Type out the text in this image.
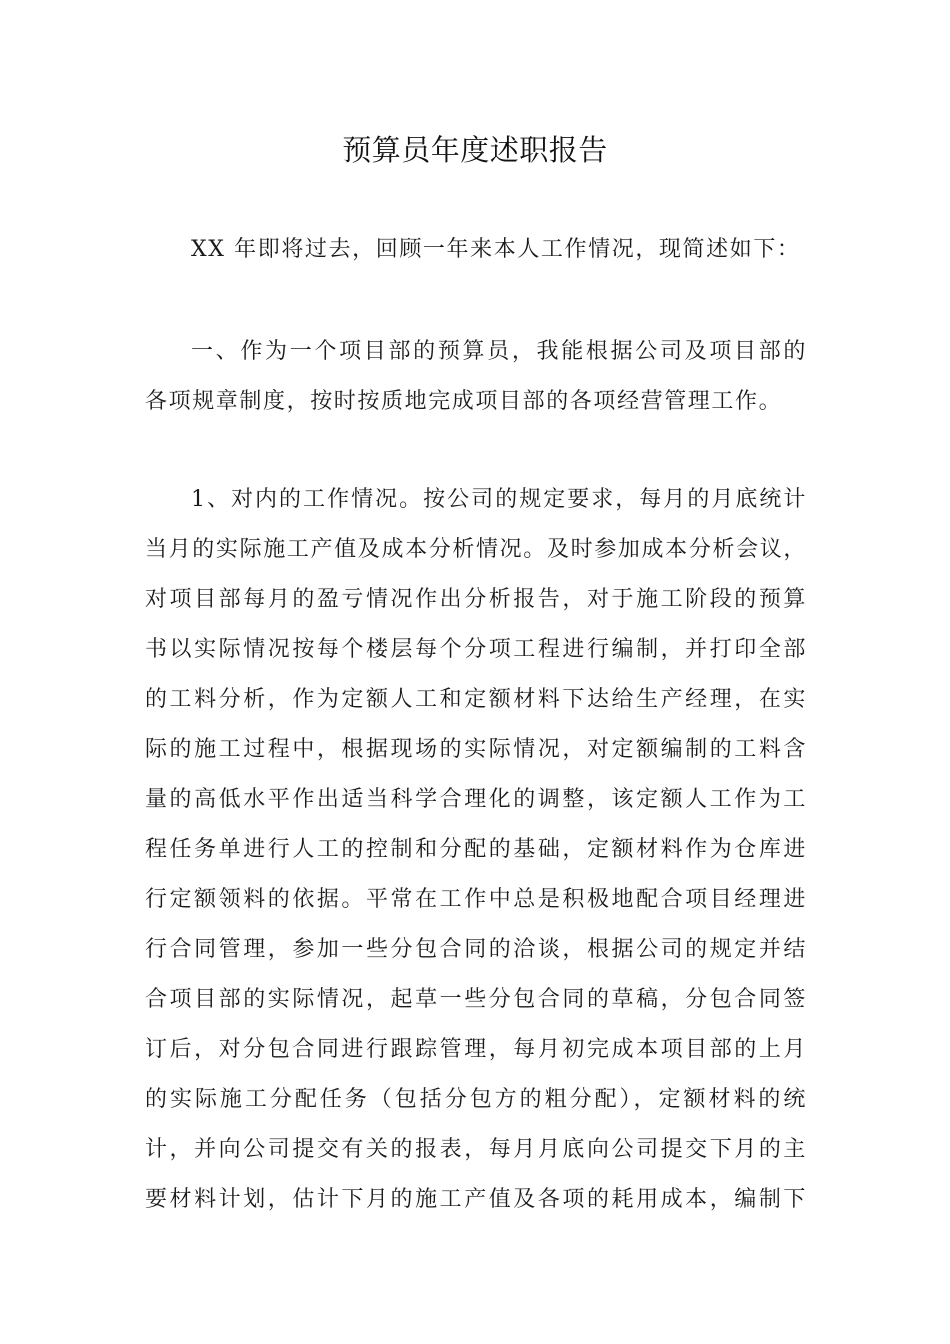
预算员年度述职报告

XX 年即将过去，回顾一年来本人工作情况，现简述如下：

一、作为一个项目部的预算员，我能根据公司及项目部的
各项规章制度，按时按质地完成项目部的各项经营管理工作。

1、对内的工作情况。按公司的规定要求，每月的月底统计
当月的实际施工产值及成本分析情况。及时参加成本分析会议，
对项目部每月的盈亏情况作出分析报告，对于施工阶段的预算
书以实际情况按每个楼层每个分项工程进行编制，并打印全部
的工料分析，作为定额人工和定额材料下达给生产经理，在实
际的施工过程中，根据现场的实际情况，对定额编制的工料含
量的高低水平作出适当科学合理化的调整，该定额人工作为工
程任务单进行人工的控制和分配的基础，定额材料作为仓库进
行定额领料的依据。平常在工作中总是积极地配合项目经理进
行合同管理，参加一些分包合同的洽谈，根据公司的规定并结
合项目部的实际情况，起草一些分包合同的草稿，分包合同签
订后，对分包合同进行跟踪管理，每月初完成本项目部的上月
的实际施工分配任务（包括分包方的粗分配），定额材料的统
计，并向公司提交有关的报表，每月月底向公司提交下月的主
要材料计划，估计下月的施工产值及各项的耗用成本，编制下
